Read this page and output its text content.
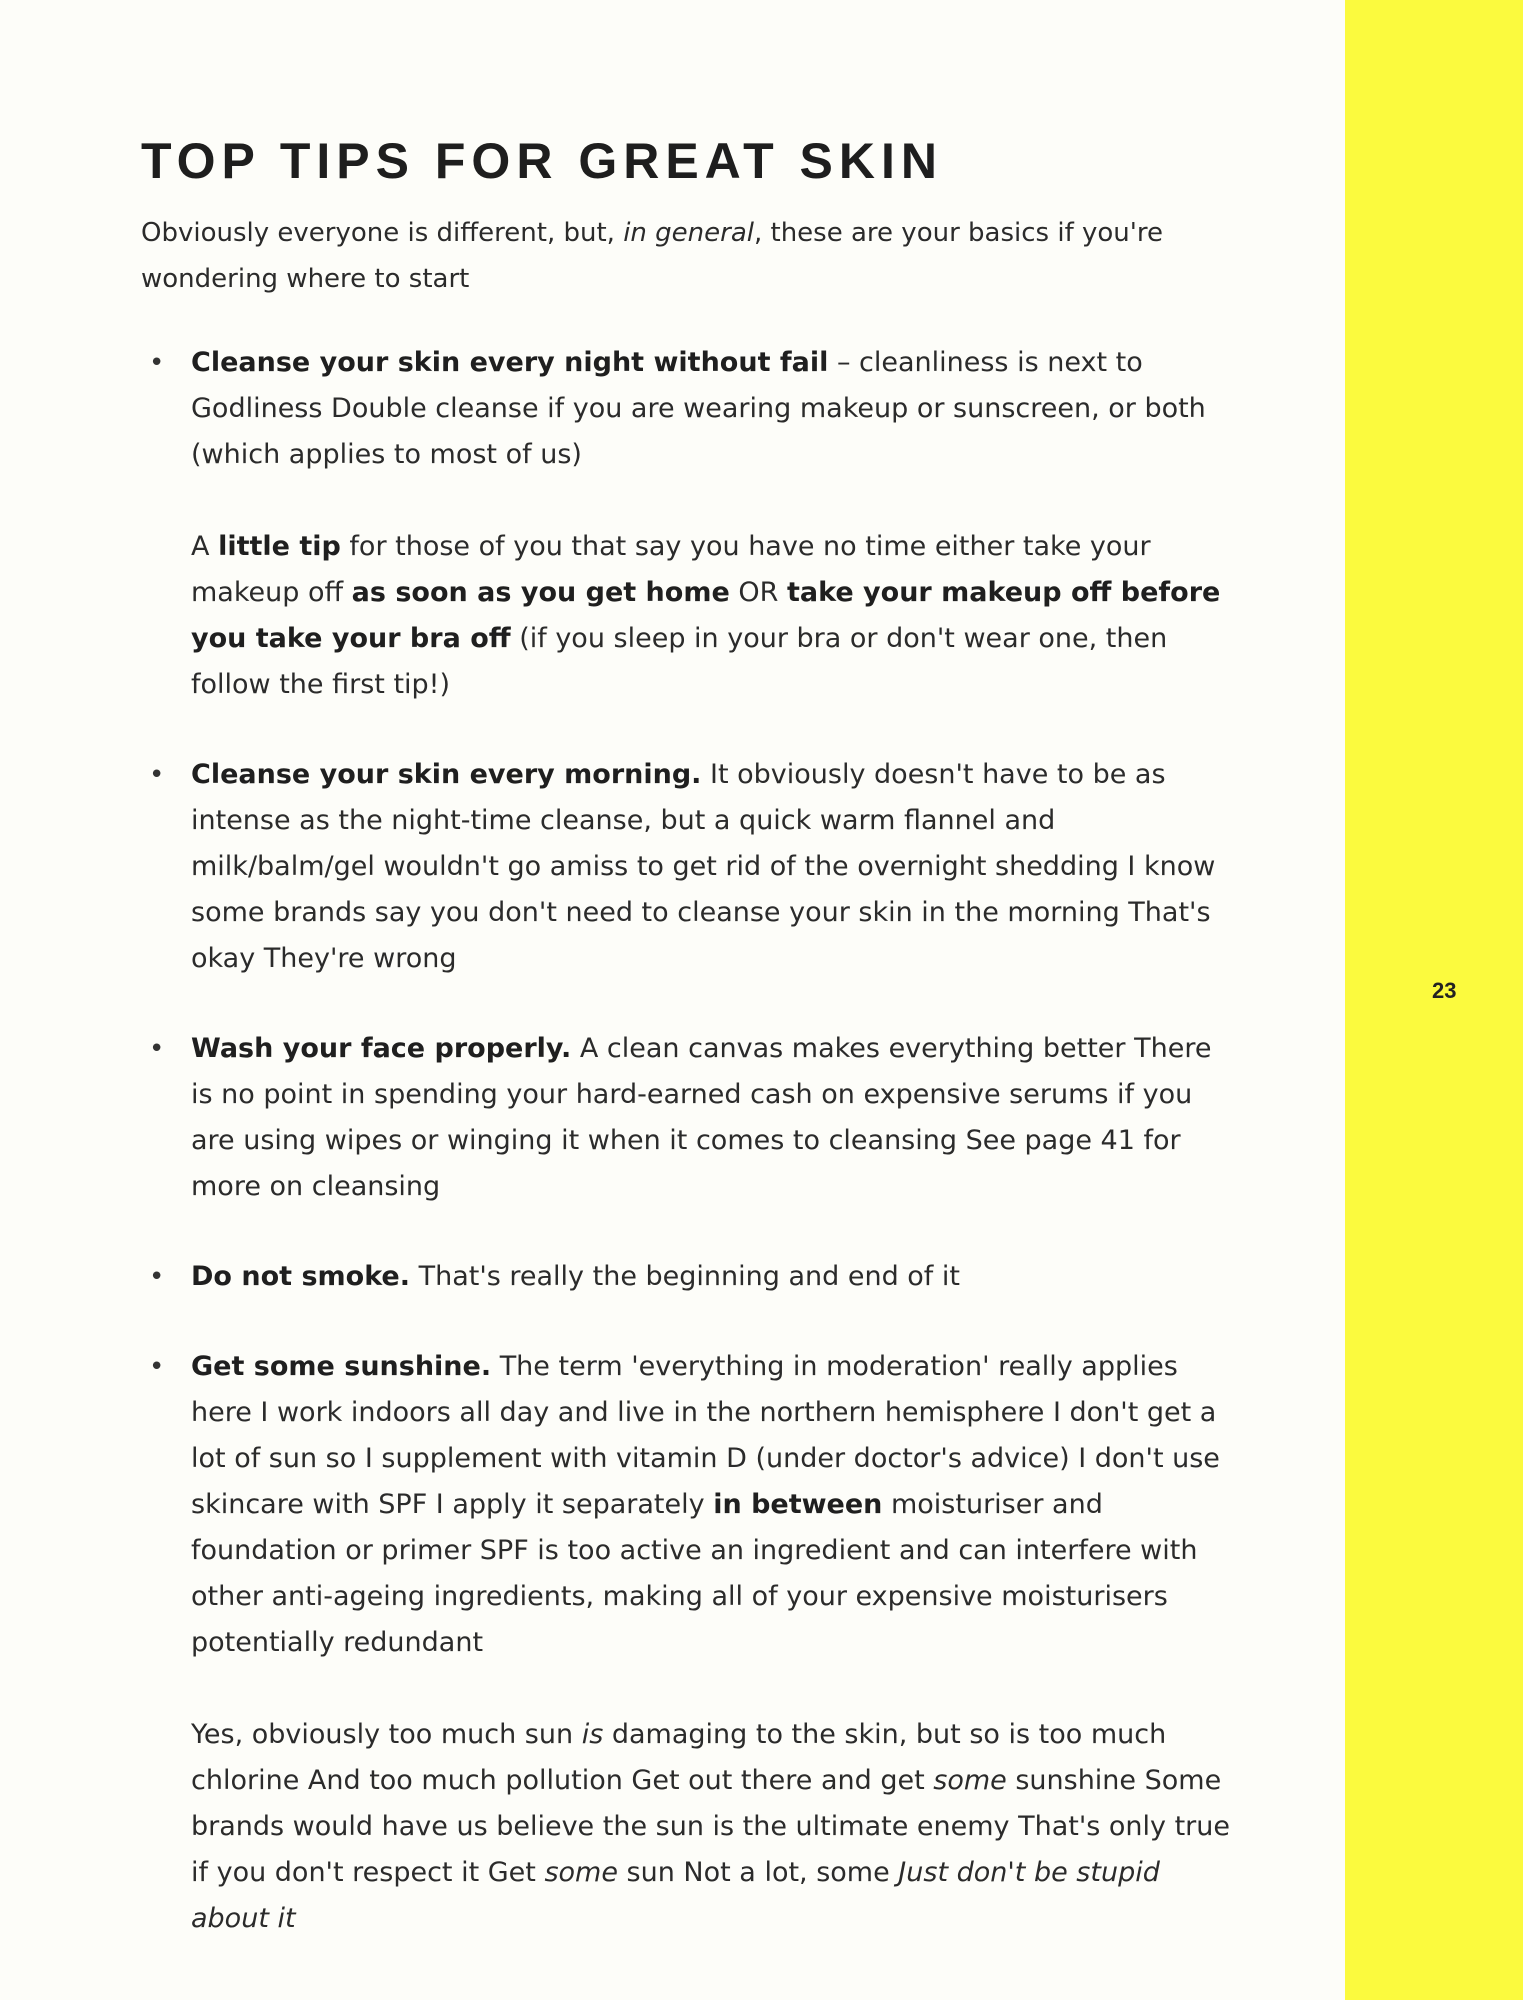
23
TOP TIPS FOR GREAT SKIN

Obviously everyone is different, but, in general, these are your basics if you're wondering where to start

• Cleanse your skin every night without fail – cleanliness is next to Godliness Double cleanse if you are wearing makeup or sunscreen, or both (which applies to most of us)

A little tip for those of you that say you have no time either take your makeup off as soon as you get home OR take your makeup off before you take your bra off (if you sleep in your bra or don't wear one, then follow the first tip!)

• Cleanse your skin every morning. It obviously doesn't have to be as intense as the night-time cleanse, but a quick warm flannel and milk/balm/gel wouldn't go amiss to get rid of the overnight shedding I know some brands say you don't need to cleanse your skin in the morning That's okay They're wrong

• Wash your face properly. A clean canvas makes everything better There is no point in spending your hard-earned cash on expensive serums if you are using wipes or winging it when it comes to cleansing See page 41 for more on cleansing

• Do not smoke. That's really the beginning and end of it

• Get some sunshine. The term 'everything in moderation' really applies here I work indoors all day and live in the northern hemisphere I don't get a lot of sun so I supplement with vitamin D (under doctor's advice) I don't use skincare with SPF I apply it separately in between moisturiser and foundation or primer SPF is too active an ingredient and can interfere with other anti-ageing ingredients, making all of your expensive moisturisers potentially redundant

Yes, obviously too much sun is damaging to the skin, but so is too much chlorine And too much pollution Get out there and get some sunshine Some brands would have us believe the sun is the ultimate enemy That's only true if you don't respect it Get some sun Not a lot, some Just don't be stupid about it
